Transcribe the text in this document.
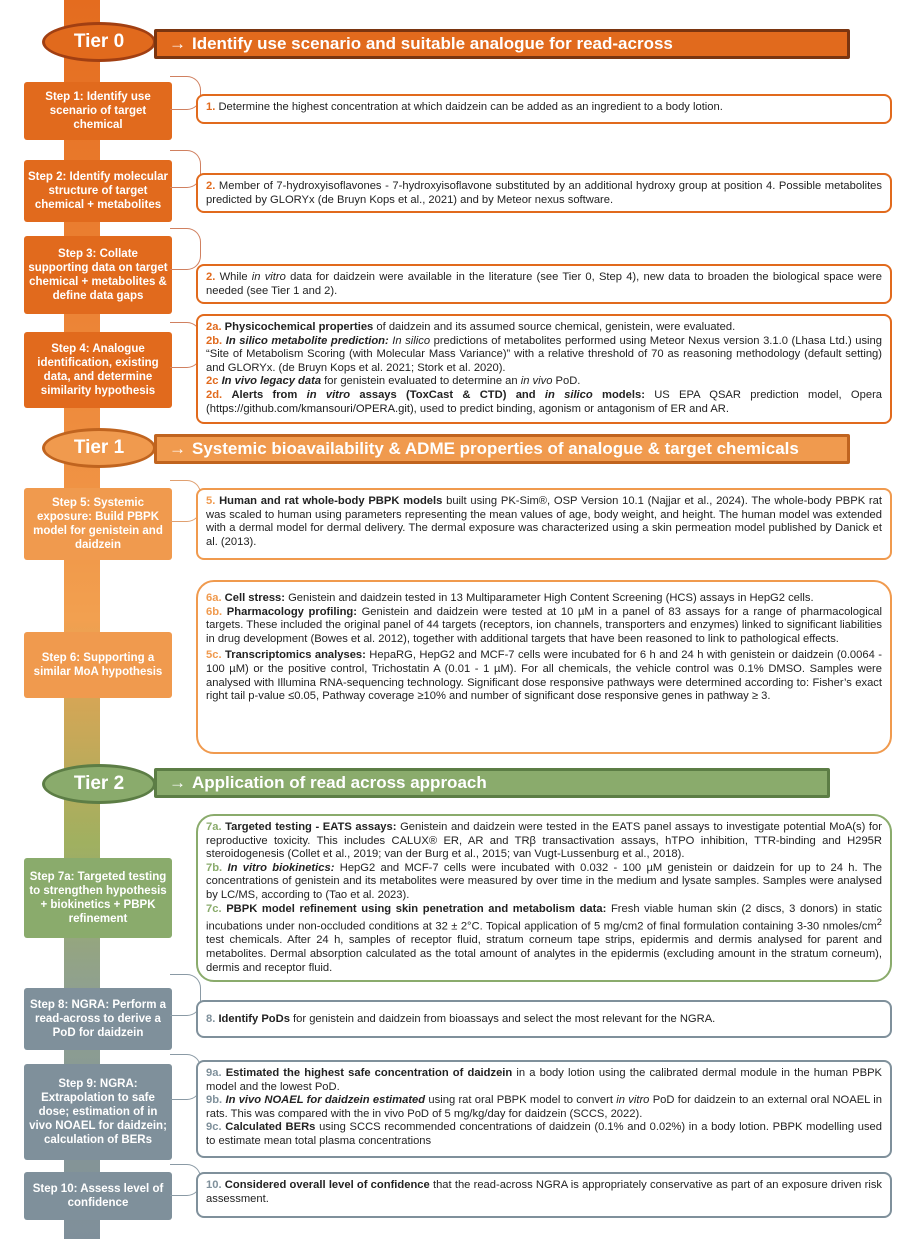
Tier 0	→ Identify use scenario and suitable analogue for read-across
Tier 1	→ Systemic bioavailability & ADME properties of analogue & target chemicals
Tier 2	→ Application of read across approach
Step 1: Identify use scenario of target chemical
Step 2: Identify molecular structure of target chemical + metabolites
Step 3: Collate supporting data on target chemical + metabolites & define data gaps
Step 4: Analogue identification, existing data, and determine similarity hypothesis
Step 5: Systemic exposure: Build PBPK model for genistein and daidzein
Step 6: Supporting a similar MoA hypothesis
Step 7a: Targeted testing to strengthen hypothesis + biokinetics + PBPK refinement
Step 8: NGRA: Perform a read-across to derive a PoD for daidzein
Step 9: NGRA: Extrapolation to safe dose; estimation of in vivo NOAEL for daidzein; calculation of BERs
Step 10: Assess level of confidence

1. Determine the highest concentration at which daidzein can be added as an ingredient to a body lotion.

2. Member of 7-hydroxyisoflavones - 7-hydroxyisoflavone substituted by an additional hydroxy group at position 4. Possible metabolites predicted by GLORYx (de Bruyn Kops et al., 2021) and by Meteor nexus software.

2. While in vitro data for daidzein were available in the literature (see Tier 0, Step 4), new data to broaden the biological space were needed (see Tier 1 and 2).

2a. Physicochemical properties of daidzein and its assumed source chemical, genistein, were evaluated.

2b. In silico metabolite prediction: In silico predictions of metabolites performed using Meteor Nexus version 3.1.0 (Lhasa Ltd.) using “Site of Metabolism Scoring (with Molecular Mass Variance)” with a relative threshold of 70 as reasoning methodology (default setting) and GLORYx. (de Bruyn Kops et al. 2021; Stork et al. 2020).

2c In vivo legacy data for genistein evaluated to determine an in vivo PoD.

2d. Alerts from in vitro assays (ToxCast & CTD) and in silico models: US EPA QSAR prediction model, Opera (https://github.com/kmansouri/OPERA.git), used to predict binding, agonism or antagonism of ER and AR.

5. Human and rat whole-body PBPK models built using PK-Sim®, OSP Version 10.1 (Najjar et al., 2024). The whole-body PBPK rat was scaled to human using parameters representing the mean values of age, body weight, and height. The human model was extended with a dermal model for dermal delivery. The dermal exposure was characterized using a skin permeation model published by Danick et al. (2013).

6a. Cell stress: Genistein and daidzein tested in 13 Multiparameter High Content Screening (HCS) assays in HepG2 cells.

6b. Pharmacology profiling: Genistein and daidzein were tested at 10 µM in a panel of 83 assays for a range of pharmacological targets. These included the original panel of 44 targets (receptors, ion channels, transporters and enzymes) linked to significant liabilities in drug development (Bowes et al. 2012), together with additional targets that have been reasoned to link to pathological effects.

5c. Transcriptomics analyses: HepaRG, HepG2 and MCF-7 cells were incubated for 6 h and 24 h with genistein or daidzein (0.0064 - 100 µM) or the positive control, Trichostatin A (0.01 - 1 µM). For all chemicals, the vehicle control was 0.1% DMSO. Samples were analysed with Illumina RNA-sequencing technology. Significant dose responsive pathways were determined according to: Fisher’s exact right tail p-value ≤0.05, Pathway coverage ≥10% and number of significant dose responsive genes in pathway ≥ 3.

7a. Targeted testing - EATS assays: Genistein and daidzein were tested in the EATS panel assays to investigate potential MoA(s) for reproductive toxicity. This includes CALUX® ER, AR and TRβ transactivation assays, hTPO inhibition, TTR-binding and H295R steroidogenesis (Collet et al., 2019; van der Burg et al., 2015; van Vugt-Lussenburg et al., 2018).

7b. In vitro biokinetics: HepG2 and MCF-7 cells were incubated with 0.032 - 100 µM genistein or daidzein for up to 24 h. The concentrations of genistein and its metabolites were measured by over time in the medium and lysate samples. Samples were analysed by LC/MS, according to (Tao et al. 2023).

7c. PBPK model refinement using skin penetration and metabolism data: Fresh viable human skin (2 discs, 3 donors) in static incubations under non-occluded conditions at 32 ± 2°C. Topical application of 5 mg/cm2 of final formulation containing 3-30 nmoles/$cm^2$ test chemicals. After 24 h, samples of receptor fluid, stratum corneum tape strips, epidermis and dermis analysed for parent and metabolites. Dermal absorption calculated as the total amount of analytes in the epidermis (excluding amount in the stratum corneum), dermis and receptor fluid.

8. Identify PoDs for genistein and daidzein from bioassays and select the most relevant for the NGRA.

9a. Estimated the highest safe concentration of daidzein in a body lotion using the calibrated dermal module in the human PBPK model and the lowest PoD.

9b. In vivo NOAEL for daidzein estimated using rat oral PBPK model to convert in vitro PoD for daidzein to an external oral NOAEL in rats. This was compared with the in vivo PoD of 5 mg/kg/day for daidzein (SCCS, 2022).

9c. Calculated BERs using SCCS recommended concentrations of daidzein (0.1% and 0.02%) in a body lotion. PBPK modelling used to estimate mean total plasma concentrations

10. Considered overall level of confidence that the read-across NGRA is appropriately conservative as part of an exposure driven risk assessment.
